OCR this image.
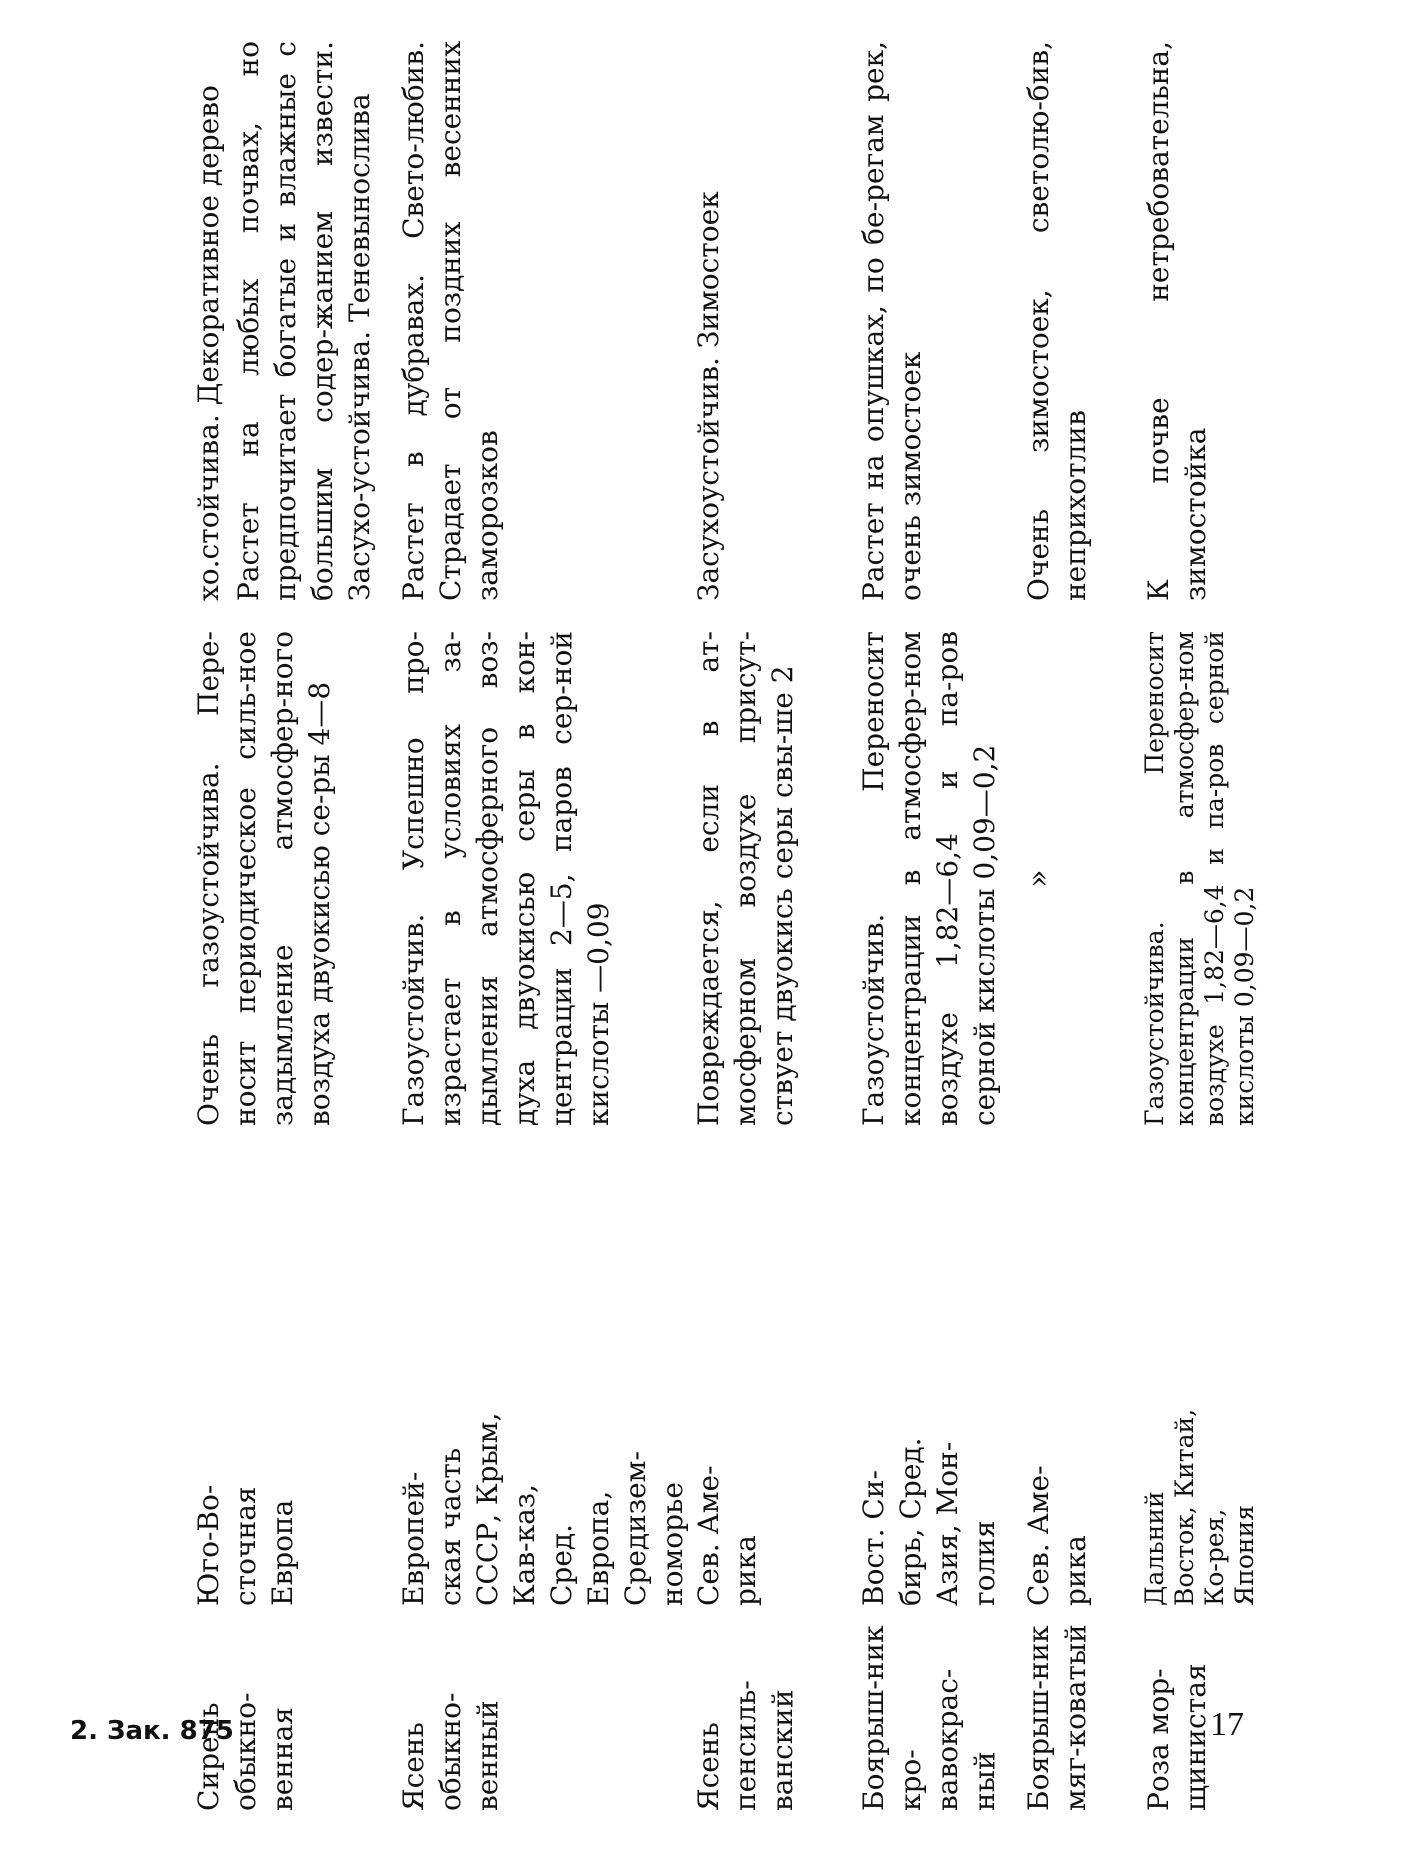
хо.стойчива. Декоративное дерево

Сирень обыкно-венная

Юго-Во-сточная Европа

Очень газоустойчива. Пере-носит периодическое силь-ное задымление атмосфер-ного воздуха двуокисью се-ры 4—8

Растет на любых почвах, но предпочитает богатые и влажные с большим содер-жанием извести. Засухо-устойчива. Теневынослива

Ясень обыкно-венный

Европей-ская часть СССР, Крым, Кав-каз, Сред. Европа, Средизем-номорье

Газоустойчив. Успешно про-израстает в условиях за-дымления атмосферного воз-духа двуокисью серы в кон-центрации 2—5, паров сер-ной кислоты —0,09

Растет в дубравах. Свето-любив. Страдает от поздних весенних заморозков

Ясень пенсиль-ванский

Сев. Аме-рика

Повреждается, если в ат-мосферном воздухе присут-ствует двуокись серы свы-ше 2

Засухоустойчив. Зимостоек

Боярыш-ник кро-вавокрас-ный

Вост. Си-бирь, Сред. Азия, Мон-голия

Газоустойчив. Переносит концентрации в атмосфер-ном воздухе 1,82—6,4 и па-ров серной кислоты 0,09—0,2

Растет на опушках, по бе-регам рек, очень зимостоек

Боярыш-ник мяг-коватый

Сев. Аме-рика

»

Очень зимостоек, светолю-бив, неприхотлив

Роза мор-щинистая

Дальний Восток, Китай, Ко-рея, Япония

Газоустойчива. Переносит концентрации в атмосфер-ном воздухе 1,82—6,4 и па-ров серной кислоты 0,09—0,2

К почве нетребовательна, зимостойка

2. Зак. 875	17
